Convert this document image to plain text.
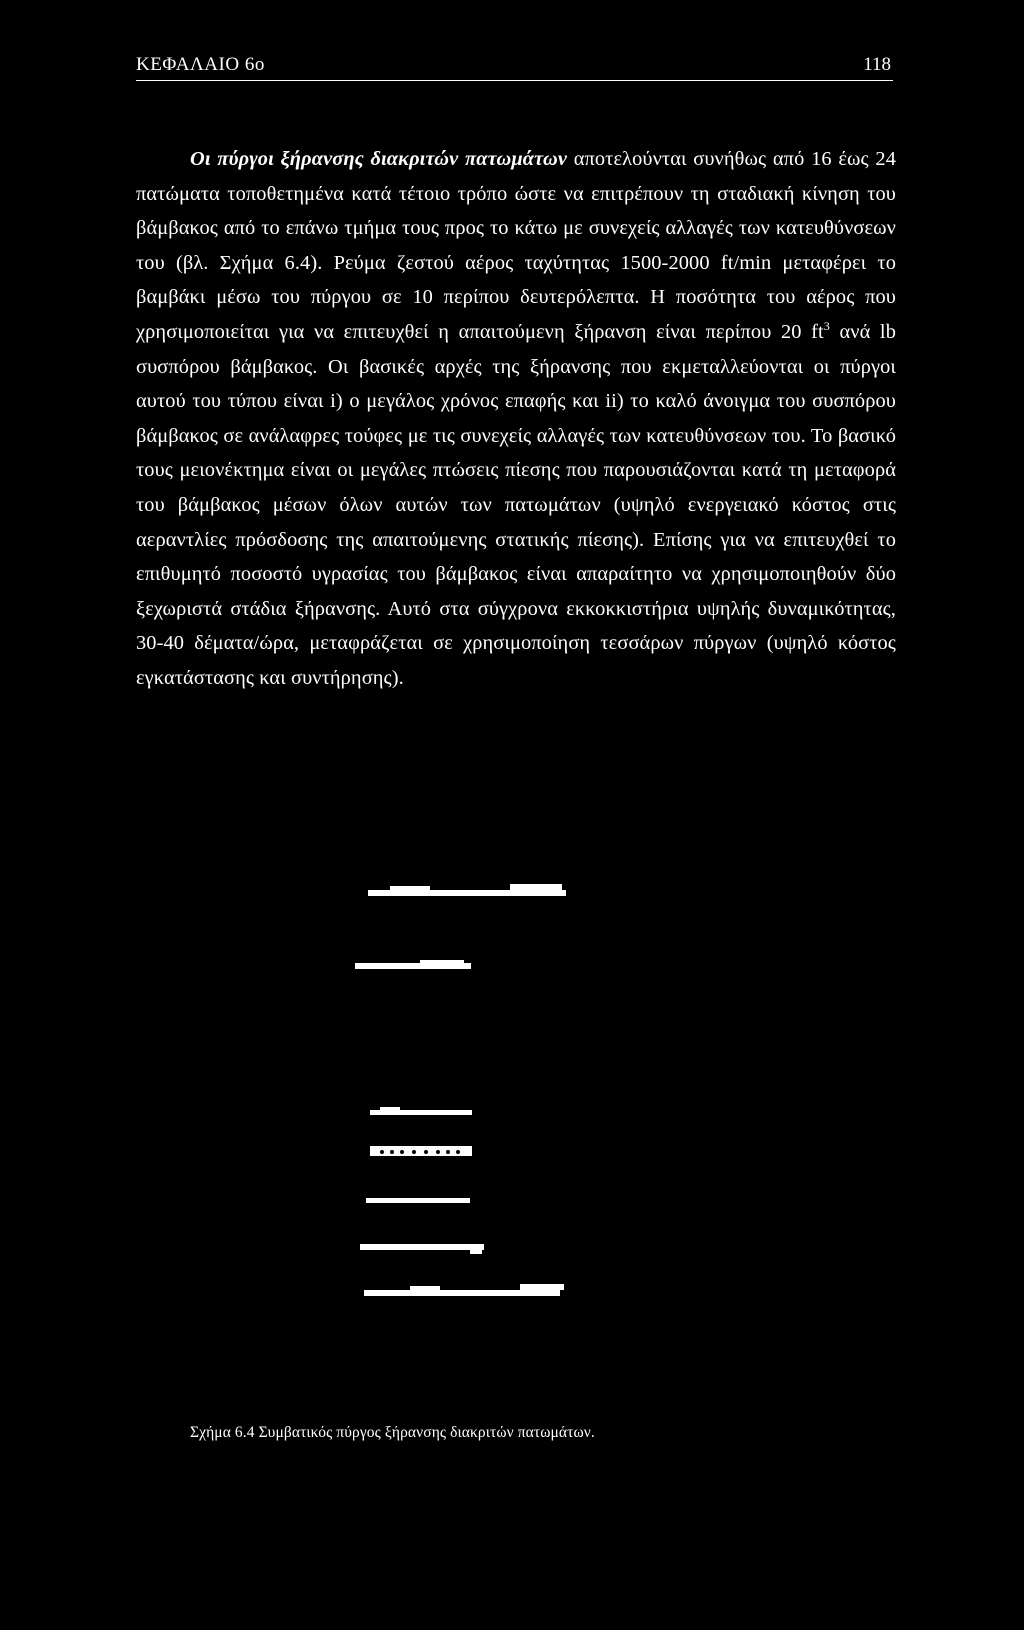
ΚΕΦΑΛΑΙΟ 6ο	118

Οι πύργοι ξήρανσης διακριτών πατωμάτων αποτελούνται συνήθως από 16 έως 24 πατώματα τοποθετημένα κατά τέτοιο τρόπο ώστε να επιτρέπουν τη σταδιακή κίνηση του βάμβακος από το επάνω τμήμα τους προς το κάτω με συνεχείς αλλαγές των κατευθύνσεων του (βλ. Σχήμα 6.4). Ρεύμα ζεστού αέρος ταχύτητας 1500-2000 ft/min μεταφέρει το βαμβάκι μέσω του πύργου σε 10 περίπου δευτερόλεπτα. Η ποσότητα του αέρος που χρησιμοποιείται για να επιτευχθεί η απαιτούμενη ξήρανση είναι περίπου 20 $ft^3$ ανά lb συσπόρου βάμβακος. Οι βασικές αρχές της ξήρανσης που εκμεταλλεύονται οι πύργοι αυτού του τύπου είναι i) ο μεγάλος χρόνος επαφής και ii) το καλό άνοιγμα του συσπόρου βάμβακος σε ανάλαφρες τούφες με τις συνεχείς αλλαγές των κατευθύνσεων του. Το βασικό τους μειονέκτημα είναι οι μεγάλες πτώσεις πίεσης που παρουσιάζονται κατά τη μεταφορά του βάμβακος μέσων όλων αυτών των πατωμάτων (υψηλό ενεργειακό κόστος στις αεραντλίες πρόσδοσης της απαιτούμενης στατικής πίεσης). Επίσης για να επιτευχθεί το επιθυμητό ποσοστό υγρασίας του βάμβακος είναι απαραίτητο να χρησιμοποιηθούν δύο ξεχωριστά στάδια ξήρανσης. Αυτό στα σύγχρονα εκκοκκιστήρια υψηλής δυναμικότητας, 30-40 δέματα/ώρα, μεταφράζεται σε χρησιμοποίηση τεσσάρων πύργων (υψηλό κόστος εγκατάστασης και συντήρησης).

Σχήμα 6.4 Συμβατικός πύργος ξήρανσης διακριτών πατωμάτων.
